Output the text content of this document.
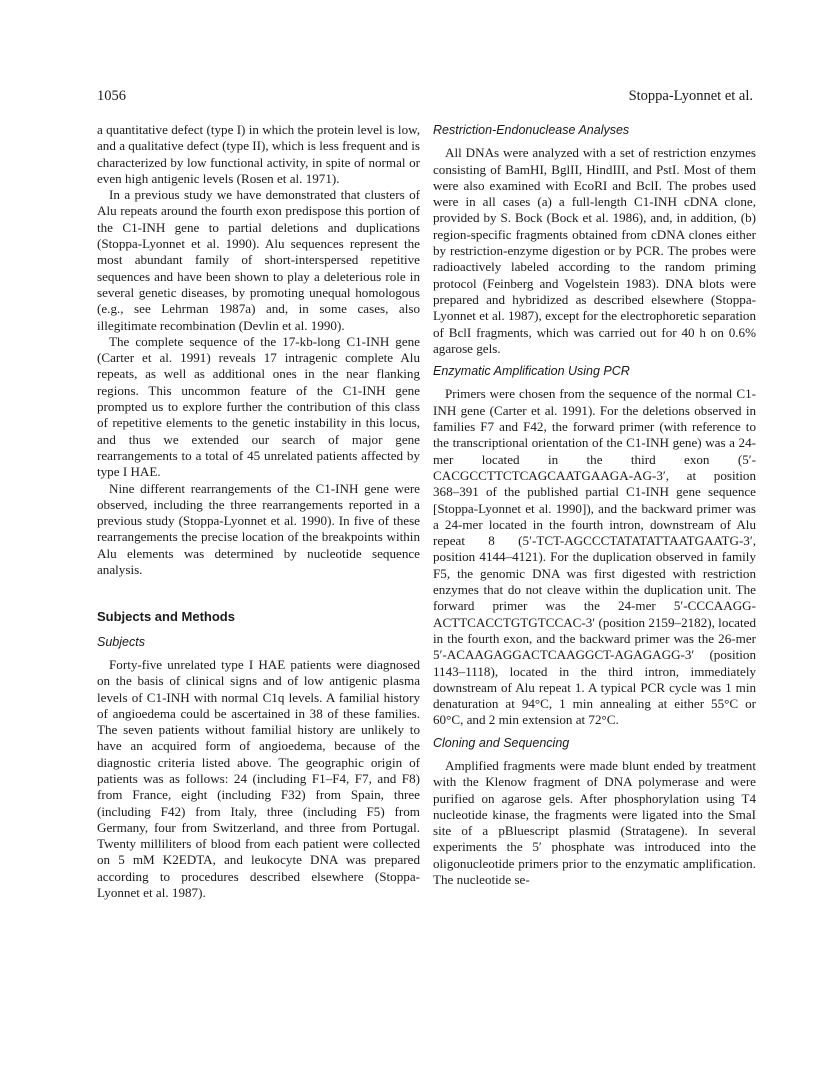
1056	Stoppa-Lyonnet et al.

a quantitative defect (type I) in which the protein level is low, and a qualitative defect (type II), which is less frequent and is characterized by low functional activity, in spite of normal or even high antigenic levels (Rosen et al. 1971).

In a previous study we have demonstrated that clusters of Alu repeats around the fourth exon predispose this portion of the C1-INH gene to partial deletions and duplications (Stoppa-Lyonnet et al. 1990). Alu sequences represent the most abundant family of short-interspersed repetitive sequences and have been shown to play a deleterious role in several genetic diseases, by promoting unequal homologous (e.g., see Lehrman 1987a) and, in some cases, also illegitimate recombination (Devlin et al. 1990).

The complete sequence of the 17-kb-long C1-INH gene (Carter et al. 1991) reveals 17 intragenic complete Alu repeats, as well as additional ones in the near flanking regions. This uncommon feature of the C1-INH gene prompted us to explore further the contribution of this class of repetitive elements to the genetic instability in this locus, and thus we extended our search of major gene rearrangements to a total of 45 unrelated patients affected by type I HAE.

Nine different rearrangements of the C1-INH gene were observed, including the three rearrangements reported in a previous study (Stoppa-Lyonnet et al. 1990). In five of these rearrangements the precise location of the breakpoints within Alu elements was determined by nucleotide sequence analysis.

Subjects and Methods
Subjects

Forty-five unrelated type I HAE patients were diagnosed on the basis of clinical signs and of low antigenic plasma levels of C1-INH with normal C1q levels. A familial history of angioedema could be ascertained in 38 of these families. The seven patients without familial history are unlikely to have an acquired form of angioedema, because of the diagnostic criteria listed above. The geographic origin of patients was as follows: 24 (including F1–F4, F7, and F8) from France, eight (including F32) from Spain, three (including F42) from Italy, three (including F5) from Germany, four from Switzerland, and three from Portugal. Twenty milliliters of blood from each patient were collected on 5 mM K2EDTA, and leukocyte DNA was prepared according to procedures described elsewhere (Stoppa-Lyonnet et al. 1987).

Restriction-Endonuclease Analyses

All DNAs were analyzed with a set of restriction enzymes consisting of BamHI, BglII, HindIII, and PstI. Most of them were also examined with EcoRI and BclI. The probes used were in all cases (a) a full-length C1-INH cDNA clone, provided by S. Bock (Bock et al. 1986), and, in addition, (b) region-specific fragments obtained from cDNA clones either by restriction-enzyme digestion or by PCR. The probes were radioactively labeled according to the random priming protocol (Feinberg and Vogelstein 1983). DNA blots were prepared and hybridized as described elsewhere (Stoppa-Lyonnet et al. 1987), except for the electrophoretic separation of BclI fragments, which was carried out for 40 h on 0.6% agarose gels.

Enzymatic Amplification Using PCR

Primers were chosen from the sequence of the normal C1-INH gene (Carter et al. 1991). For the deletions observed in families F7 and F42, the forward primer (with reference to the transcriptional orientation of the C1-INH gene) was a 24-mer located in the third exon (5′-CACGCCTTCTCAGCAATGAAGA-AG-3′, at position 368–391 of the published partial C1-INH gene sequence [Stoppa-Lyonnet et al. 1990]), and the backward primer was a 24-mer located in the fourth intron, downstream of Alu repeat 8 (5′-TCT-AGCCCTATATATTAATGAATG-3′, position 4144–4121). For the duplication observed in family F5, the genomic DNA was first digested with restriction enzymes that do not cleave within the duplication unit. The forward primer was the 24-mer 5′-CCCAAGG-ACTTCACCTGTGTCCAC-3′ (position 2159–2182), located in the fourth exon, and the backward primer was the 26-mer 5′-ACAAGAGGACTCAAGGCT-AGAGAGG-3′ (position 1143–1118), located in the third intron, immediately downstream of Alu repeat 1. A typical PCR cycle was 1 min denaturation at 94°C, 1 min annealing at either 55°C or 60°C, and 2 min extension at 72°C.

Cloning and Sequencing

Amplified fragments were made blunt ended by treatment with the Klenow fragment of DNA polymerase and were purified on agarose gels. After phosphorylation using T4 nucleotide kinase, the fragments were ligated into the SmaI site of a pBluescript plasmid (Stratagene). In several experiments the 5′ phosphate was introduced into the oligonucleotide primers prior to the enzymatic amplification. The nucleotide se-
